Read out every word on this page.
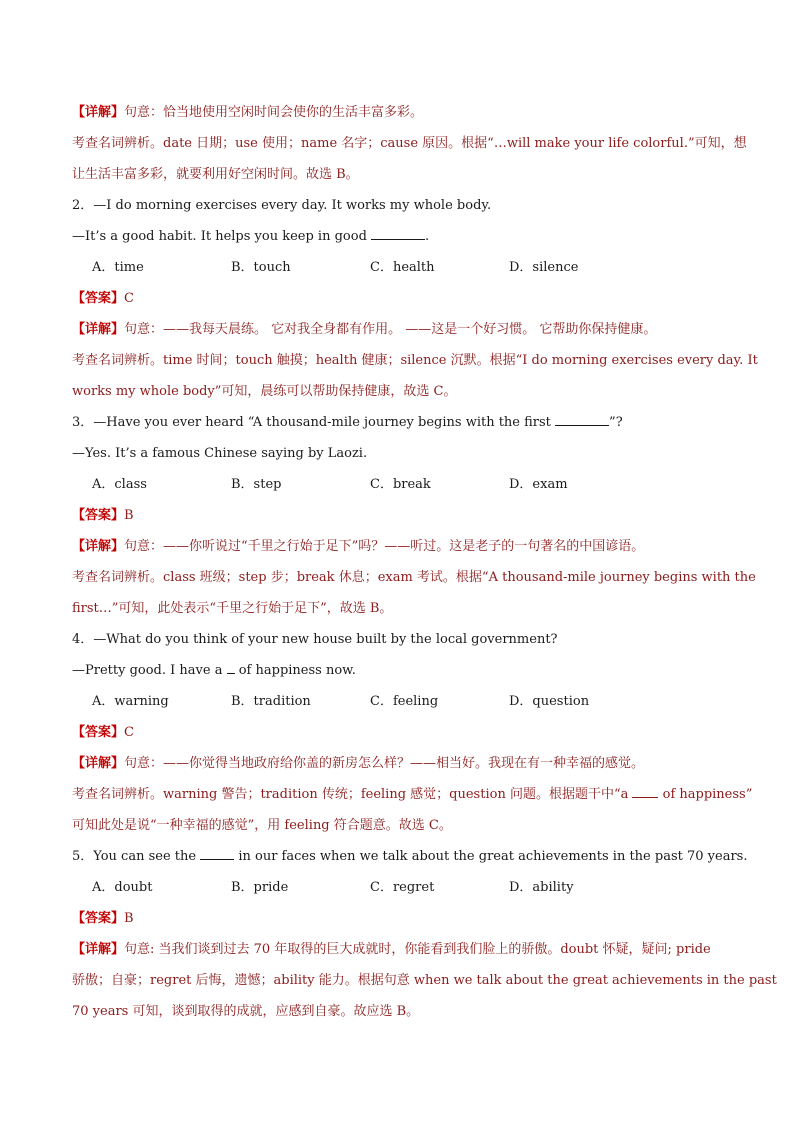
【详解】句意：恰当地使用空闲时间会使你的生活丰富多彩。
考查名词辨析。date 日期；use 使用；name 名字；cause 原因。根据“…will make your life colorful.”可知，想
让生活丰富多彩，就要利用好空闲时间。故选 B。
2．—I do morning exercises every day. It works my whole body.
—It’s a good habit. It helps you keep in good	.
A．time	B．touch	C．health	D．silence
【答案】C
【详解】句意：——我每天晨练。 它对我全身都有作用。 ——这是一个好习惯。 它帮助你保持健康。
考查名词辨析。time 时间；touch 触摸；health 健康；silence 沉默。根据“I do morning exercises every day. It
works my whole body”可知，晨练可以帮助保持健康，故选 C。
3．—Have you ever heard “A thousand-mile journey begins with the first	”?
—Yes. It’s a famous Chinese saying by Laozi.
A．class	B．step	C．break	D．exam
【答案】B
【详解】句意：——你听说过“千里之行始于足下”吗？——听过。这是老子的一句著名的中国谚语。
考查名词辨析。class 班级；step 步；break 休息；exam 考试。根据“A thousand-mile journey begins with the
first…”可知，此处表示“千里之行始于足下”，故选 B。
4．—What do you think of your new house built by the local government?
—Pretty good. I have a  of happiness now.
A．warning	B．tradition	C．feeling	D．question
【答案】C
【详解】句意：——你觉得当地政府给你盖的新房怎么样？——相当好。我现在有一种幸福的感觉。
考查名词辨析。warning 警告；tradition 传统；feeling 感觉；question 问题。根据题干中“a  of happiness”
可知此处是说“一种幸福的感觉”，用 feeling 符合题意。故选 C。
5．You can see the	in our faces when we talk about the great achievements in the past 70 years.
A．doubt	B．pride	C．regret	D．ability
【答案】B
【详解】句意: 当我们谈到过去 70 年取得的巨大成就时，你能看到我们脸上的骄傲。doubt 怀疑，疑问; pride
骄傲；自豪；regret 后悔，遗憾；ability 能力。根据句意 when we talk about the great achievements in the past
70 years 可知，谈到取得的成就，应感到自豪。故应选 B。
